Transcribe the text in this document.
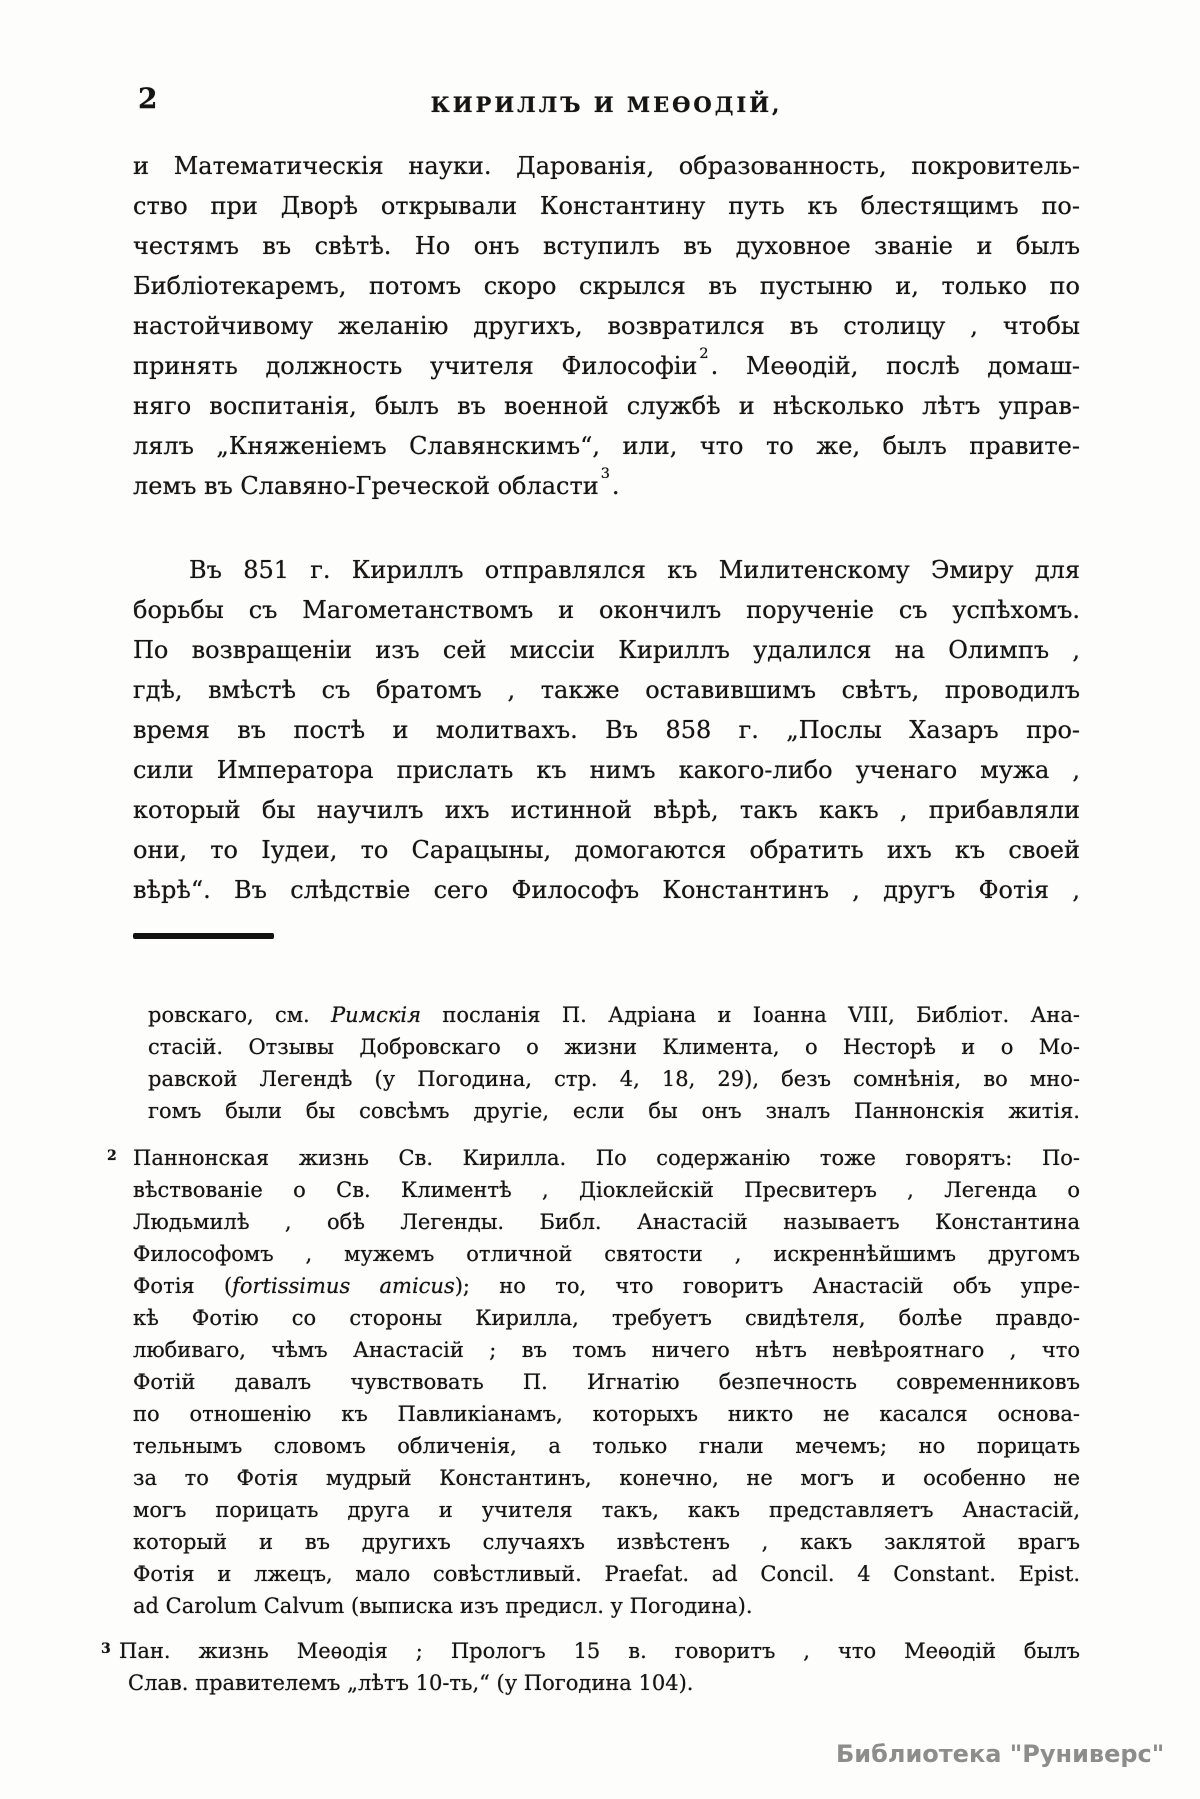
2	КИРИЛЛЪ И МЕѲОДІЙ,
и Математическія науки. Дарованія, образованность, покровитель-
ство при Дворѣ открывали Константину путь къ блестящимъ по-
честямъ въ свѣтѣ. Но онъ вступилъ въ духовное званіе и былъ
Библіотекаремъ, потомъ скоро скрылся въ пустыню и, только по
настойчивому желанію другихъ, возвратился въ столицу , чтобы
принять должность учителя Философіи $^2$. Меѳодій, послѣ домаш-
няго воспитанія, былъ въ военной службѣ и нѣсколько лѣтъ управ-
лялъ „Княженіемъ Славянскимъ“, или, что то же, былъ правите-
лемъ въ Славяно-Греческой области $^3$.
Въ 851 г. Кириллъ отправлялся къ Милитенскому Эмиру для
борьбы съ Магометанствомъ и окончилъ порученіе съ успѣхомъ.
По возвращеніи изъ сей миссіи Кириллъ удалился на Олимпъ ,
гдѣ, вмѣстѣ съ братомъ , также оставившимъ свѣтъ, проводилъ
время въ постѣ и молитвахъ. Въ 858 г. „Послы Хазаръ про-
сили Императора прислать къ нимъ какого-либо ученаго мужа ,
который бы научилъ ихъ истинной вѣрѣ, такъ какъ , прибавляли
они, то Іудеи, то Сарацыны, домогаются обратить ихъ къ своей
вѣрѣ“. Въ слѣдствіе сего Философъ Константинъ , другъ Фотія ,
ровскаго, см. Римскія посланія П. Адріана и Іоанна VIII, Библіот. Ана-
стасій. Отзывы Добровскаго о жизни Климента, о Несторѣ и о Мо-
равской Легендѣ (у Погодина, стр. 4, 18, 29), безъ сомнѣнія, во мно-
гомъ были бы совсѣмъ другіе, если бы онъ зналъ Паннонскія житія.
2 Паннонская жизнь Св. Кирилла. По содержанію тоже говорятъ: По-
вѣствованіе о Св. Климентѣ , Діоклейскій Пресвитеръ , Легенда о
Людьмилѣ , обѣ Легенды. Библ. Анастасій называетъ Константина
Философомъ , мужемъ отличной святости , искреннѣйшимъ другомъ
Фотія (fortissimus amicus); но то, что говоритъ Анастасій объ упре-
кѣ Фотію со стороны Кирилла, требуетъ свидѣтеля, болѣе правдо-
любиваго, чѣмъ Анастасій ; въ томъ ничего нѣтъ невѣроятнаго , что
Фотій давалъ чувствовать П. Игнатію безпечность современниковъ
по отношенію къ Павликіанамъ, которыхъ никто не касался основа-
тельнымъ словомъ обличенія, а только гнали мечемъ; но порицать
за то Фотія мудрый Константинъ, конечно, не могъ и особенно не
могъ порицать друга и учителя такъ, какъ представляетъ Анастасій,
который и въ другихъ случаяхъ извѣстенъ , какъ заклятой врагъ
Фотія и лжецъ, мало совѣстливый. Praefat. ad Concil. 4 Constant. Epist.
ad Carolum Calvum (выписка изъ предисл. у Погодина).
3 Пан. жизнь Меѳодія ; Прологъ 15 в. говоритъ , что Меѳодій былъ
Слав. правителемъ „лѣтъ 10-ть,“ (у Погодина 104).
Библиотека "Руниверс"
